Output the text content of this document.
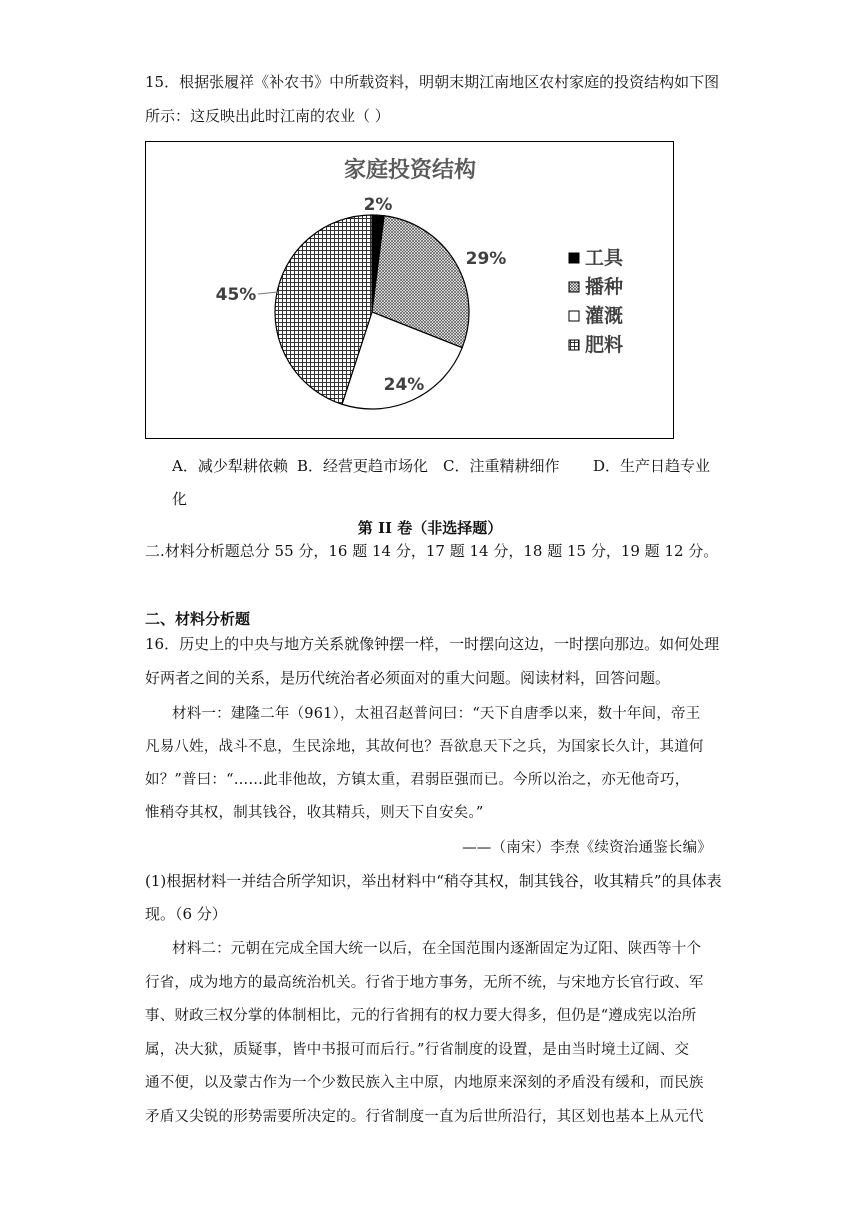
15．根据张履祥《补农书》中所载资料，明朝末期江南地区农村家庭的投资结构如下图
所示：这反映出此时江南的农业（ ）
家庭投资结构
2%
29%
24%
45%
工具
播种
灌溉
肥料
A．减少犁耕依赖 B．经营更趋市场化 C．注重精耕细作 D．生产日趋专业
化
第 II 卷（非选择题）
二.材料分析题总分 55 分，16 题 14 分，17 题 14 分，18 题 15 分，19 题 12 分。
二、材料分析题
16．历史上的中央与地方关系就像钟摆一样，一时摆向这边，一时摆向那边。如何处理
好两者之间的关系，是历代统治者必须面对的重大问题。阅读材料，回答问题。
材料一：建隆二年（961），太祖召赵普问曰：“天下自唐季以来，数十年间，帝王
凡易八姓，战斗不息，生民涂地，其故何也？吾欲息天下之兵，为国家长久计，其道何
如？”普曰：“……此非他故，方镇太重，君弱臣强而已。今所以治之，亦无他奇巧，
惟稍夺其权，制其钱谷，收其精兵，则天下自安矣。”
——（南宋）李焘《续资治通鉴长编》
(1)根据材料一并结合所学知识，举出材料中“稍夺其权，制其钱谷，收其精兵”的具体表
现。（6 分）
材料二：元朝在完成全国大统一以后，在全国范围内逐渐固定为辽阳、陕西等十个
行省，成为地方的最高统治机关。行省于地方事务，无所不统，与宋地方长官行政、军
事、财政三权分掌的体制相比，元的行省拥有的权力要大得多，但仍是“遵成宪以治所
属，决大狱，质疑事，皆中书报可而后行。”行省制度的设置，是由当时境土辽阔、交
通不便，以及蒙古作为一个少数民族入主中原，内地原来深刻的矛盾没有缓和，而民族
矛盾又尖锐的形势需要所决定的。行省制度一直为后世所沿行，其区划也基本上从元代
